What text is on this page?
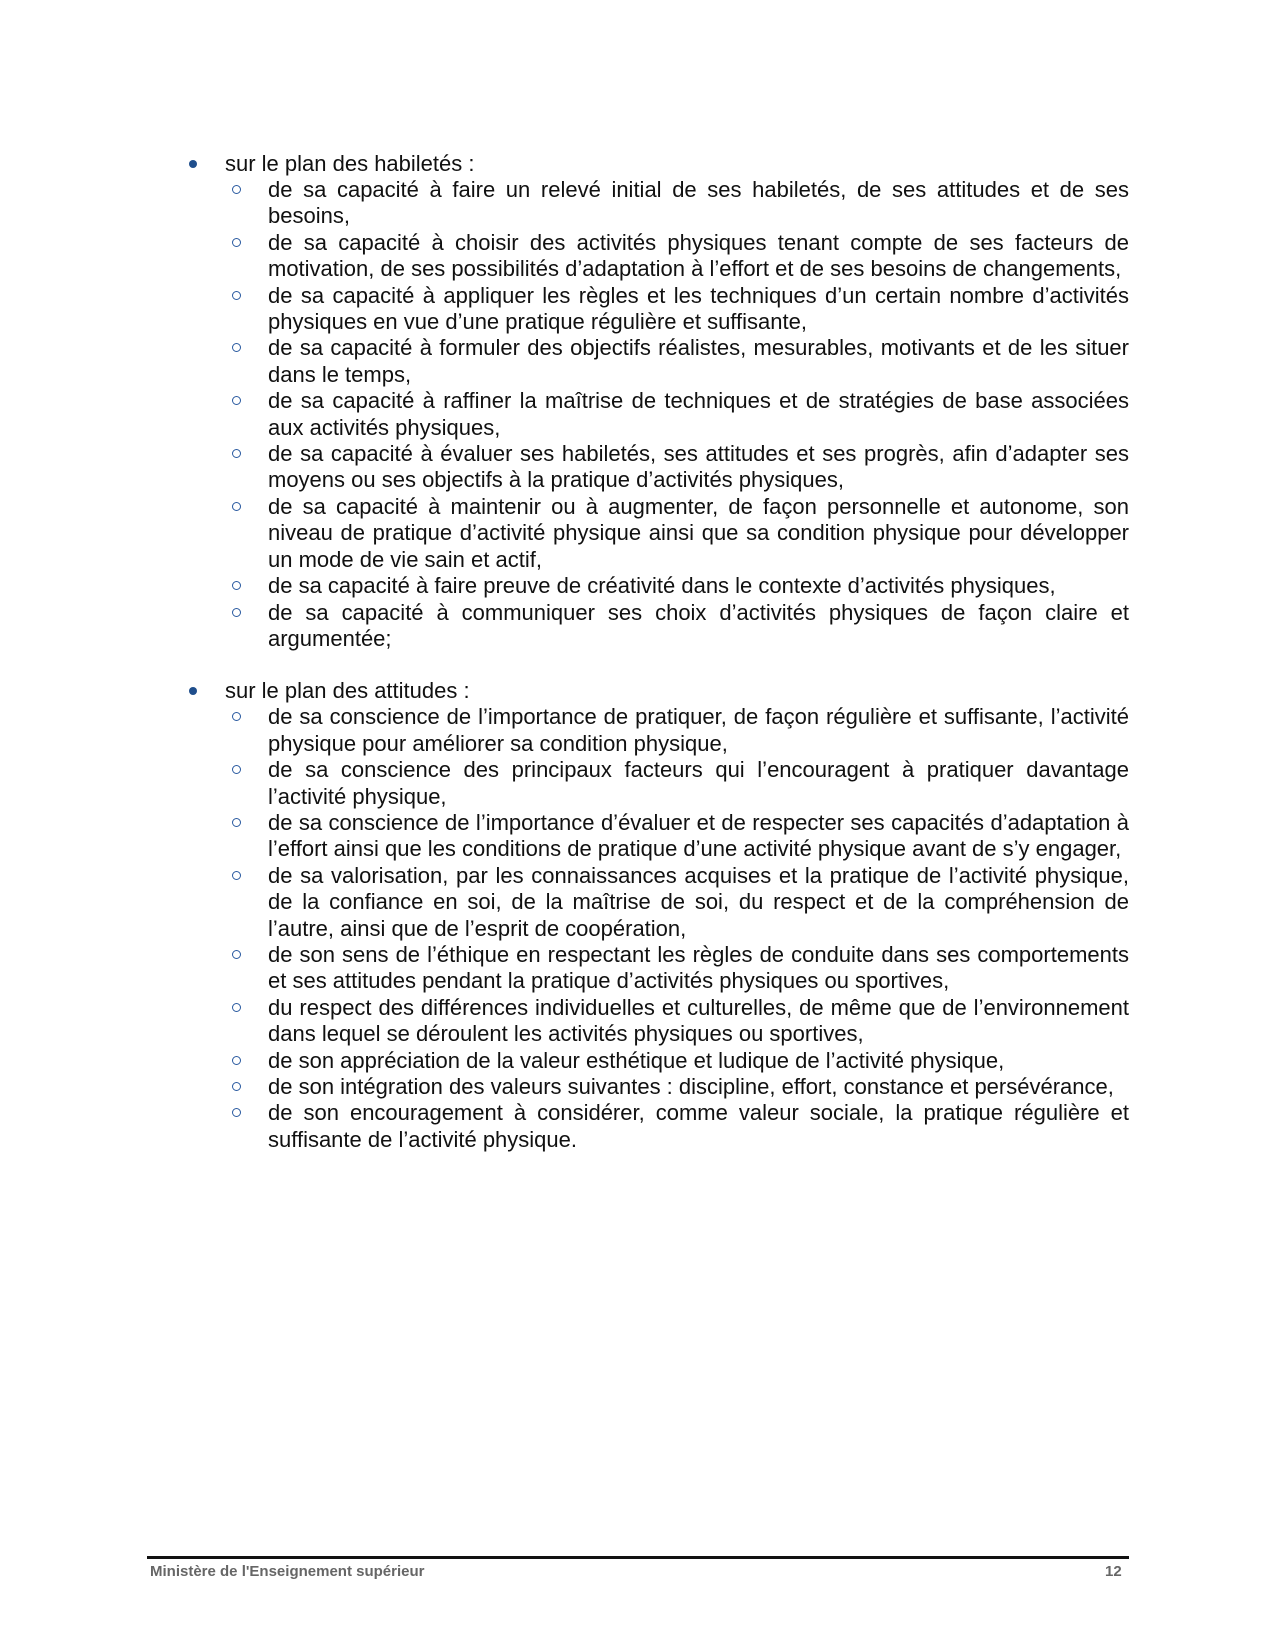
sur le plan des habiletés :
de sa capacité à faire un relevé initial de ses habiletés, de ses attitudes et de ses besoins,
de sa capacité à choisir des activités physiques tenant compte de ses facteurs de motivation, de ses possibilités d’adaptation à l’effort et de ses besoins de changements,
de sa capacité à appliquer les règles et les techniques d’un certain nombre d’activités physiques en vue d’une pratique régulière et suffisante,
de sa capacité à formuler des objectifs réalistes, mesurables, motivants et de les situer dans le temps,
de sa capacité à raffiner la maîtrise de techniques et de stratégies de base associées aux activités physiques,
de sa capacité à évaluer ses habiletés, ses attitudes et ses progrès, afin d’adapter ses moyens ou ses objectifs à la pratique d’activités physiques,
de sa capacité à maintenir ou à augmenter, de façon personnelle et autonome, son niveau de pratique d’activité physique ainsi que sa condition physique pour développer un mode de vie sain et actif,
de sa capacité à faire preuve de créativité dans le contexte d’activités physiques,
de sa capacité à communiquer ses choix d’activités physiques de façon claire et argumentée;
sur le plan des attitudes :
de sa conscience de l’importance de pratiquer, de façon régulière et suffisante, l’activité physique pour améliorer sa condition physique,
de sa conscience des principaux facteurs qui l’encouragent à pratiquer davantage l’activité physique,
de sa conscience de l’importance d’évaluer et de respecter ses capacités d’adaptation à l’effort ainsi que les conditions de pratique d’une activité physique avant de s’y engager,
de sa valorisation, par les connaissances acquises et la pratique de l’activité physique, de la confiance en soi, de la maîtrise de soi, du respect et de la compréhension de l’autre, ainsi que de l’esprit de coopération,
de son sens de l’éthique en respectant les règles de conduite dans ses comportements et ses attitudes pendant la pratique d’activités physiques ou sportives,
du respect des différences individuelles et culturelles, de même que de l’environnement dans lequel se déroulent les activités physiques ou sportives,
de son appréciation de la valeur esthétique et ludique de l’activité physique,
de son intégration des valeurs suivantes : discipline, effort, constance et persévérance,
de son encouragement à considérer, comme valeur sociale, la pratique régulière et suffisante de l’activité physique.
Ministère de l'Enseignement supérieur	12
